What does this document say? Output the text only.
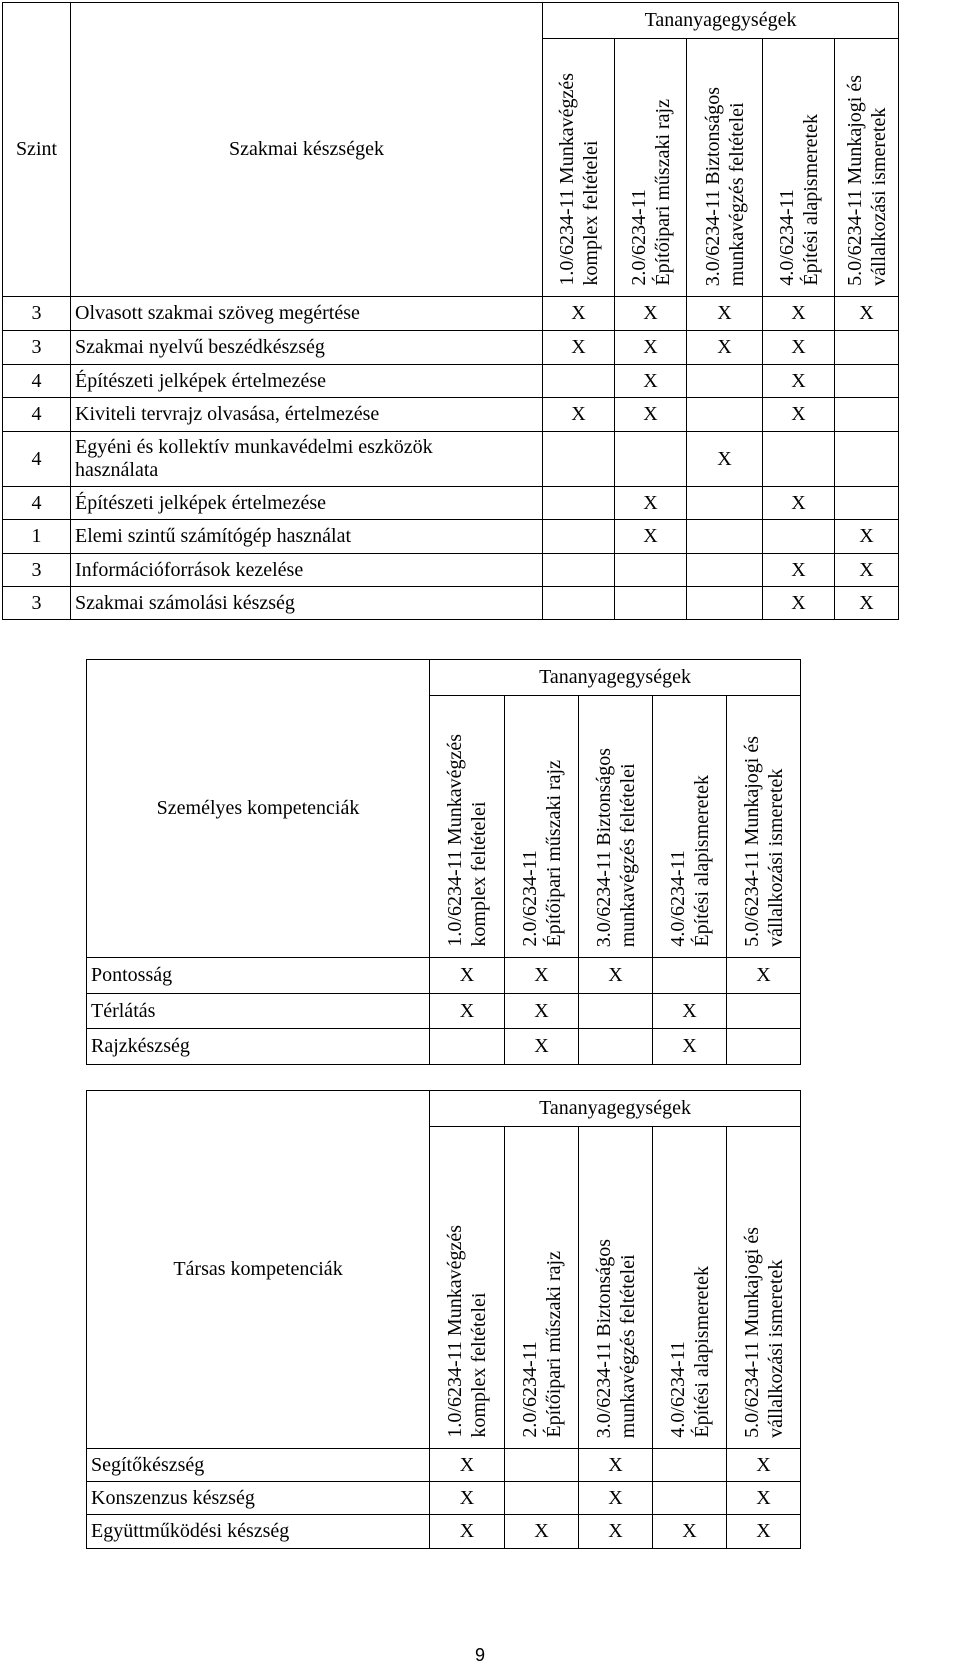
Szint	Szakmai készségek	Tananyagegységek				

		1.0/6234-11 Munkavégzés komplex feltételei	2.0/6234-11 Építőipari műszaki rajz	3.0/6234-11 Biztonságos munkavégzés feltételei	4.0/6234-11 Építési alapismeretek	5.0/6234-11 Munkajogi és vállalkozási ismeretek

3	Olvasott szakmai szöveg megértése	X	X	X	X	X
3	Szakmai nyelvű beszédkészség	X	X	X	X	
4	Építészeti jelképek értelmezése		X		X	
4	Kiviteli tervrajz olvasása, értelmezése	X	X		X	
4	Egyéni és kollektív munkavédelmi eszközök használata			X		
4	Építészeti jelképek értelmezése		X		X	
1	Elemi szintű számítógép használat		X			X
3	Információforrások kezelése				X	X
3	Szakmai számolási készség				X	X
Személyes kompetenciák	Tananyagegységek				

	1.0/6234-11 Munkavégzés komplex feltételei	2.0/6234-11 Építőipari műszaki rajz	3.0/6234-11 Biztonságos munkavégzés feltételei	4.0/6234-11 Építési alapismeretek	5.0/6234-11 Munkajogi és vállalkozási ismeretek

Pontosság	X	X	X		X
Térlátás	X	X		X	
Rajzkészség		X		X	
Társas kompetenciák	Tananyagegységek				

	1.0/6234-11 Munkavégzés komplex feltételei	2.0/6234-11 Építőipari műszaki rajz	3.0/6234-11 Biztonságos munkavégzés feltételei	4.0/6234-11 Építési alapismeretek	5.0/6234-11 Munkajogi és vállalkozási ismeretek

Segítőkészség	X		X		X
Konszenzus készség	X		X		X
Együttműködési készség	X	X	X	X	X
9
